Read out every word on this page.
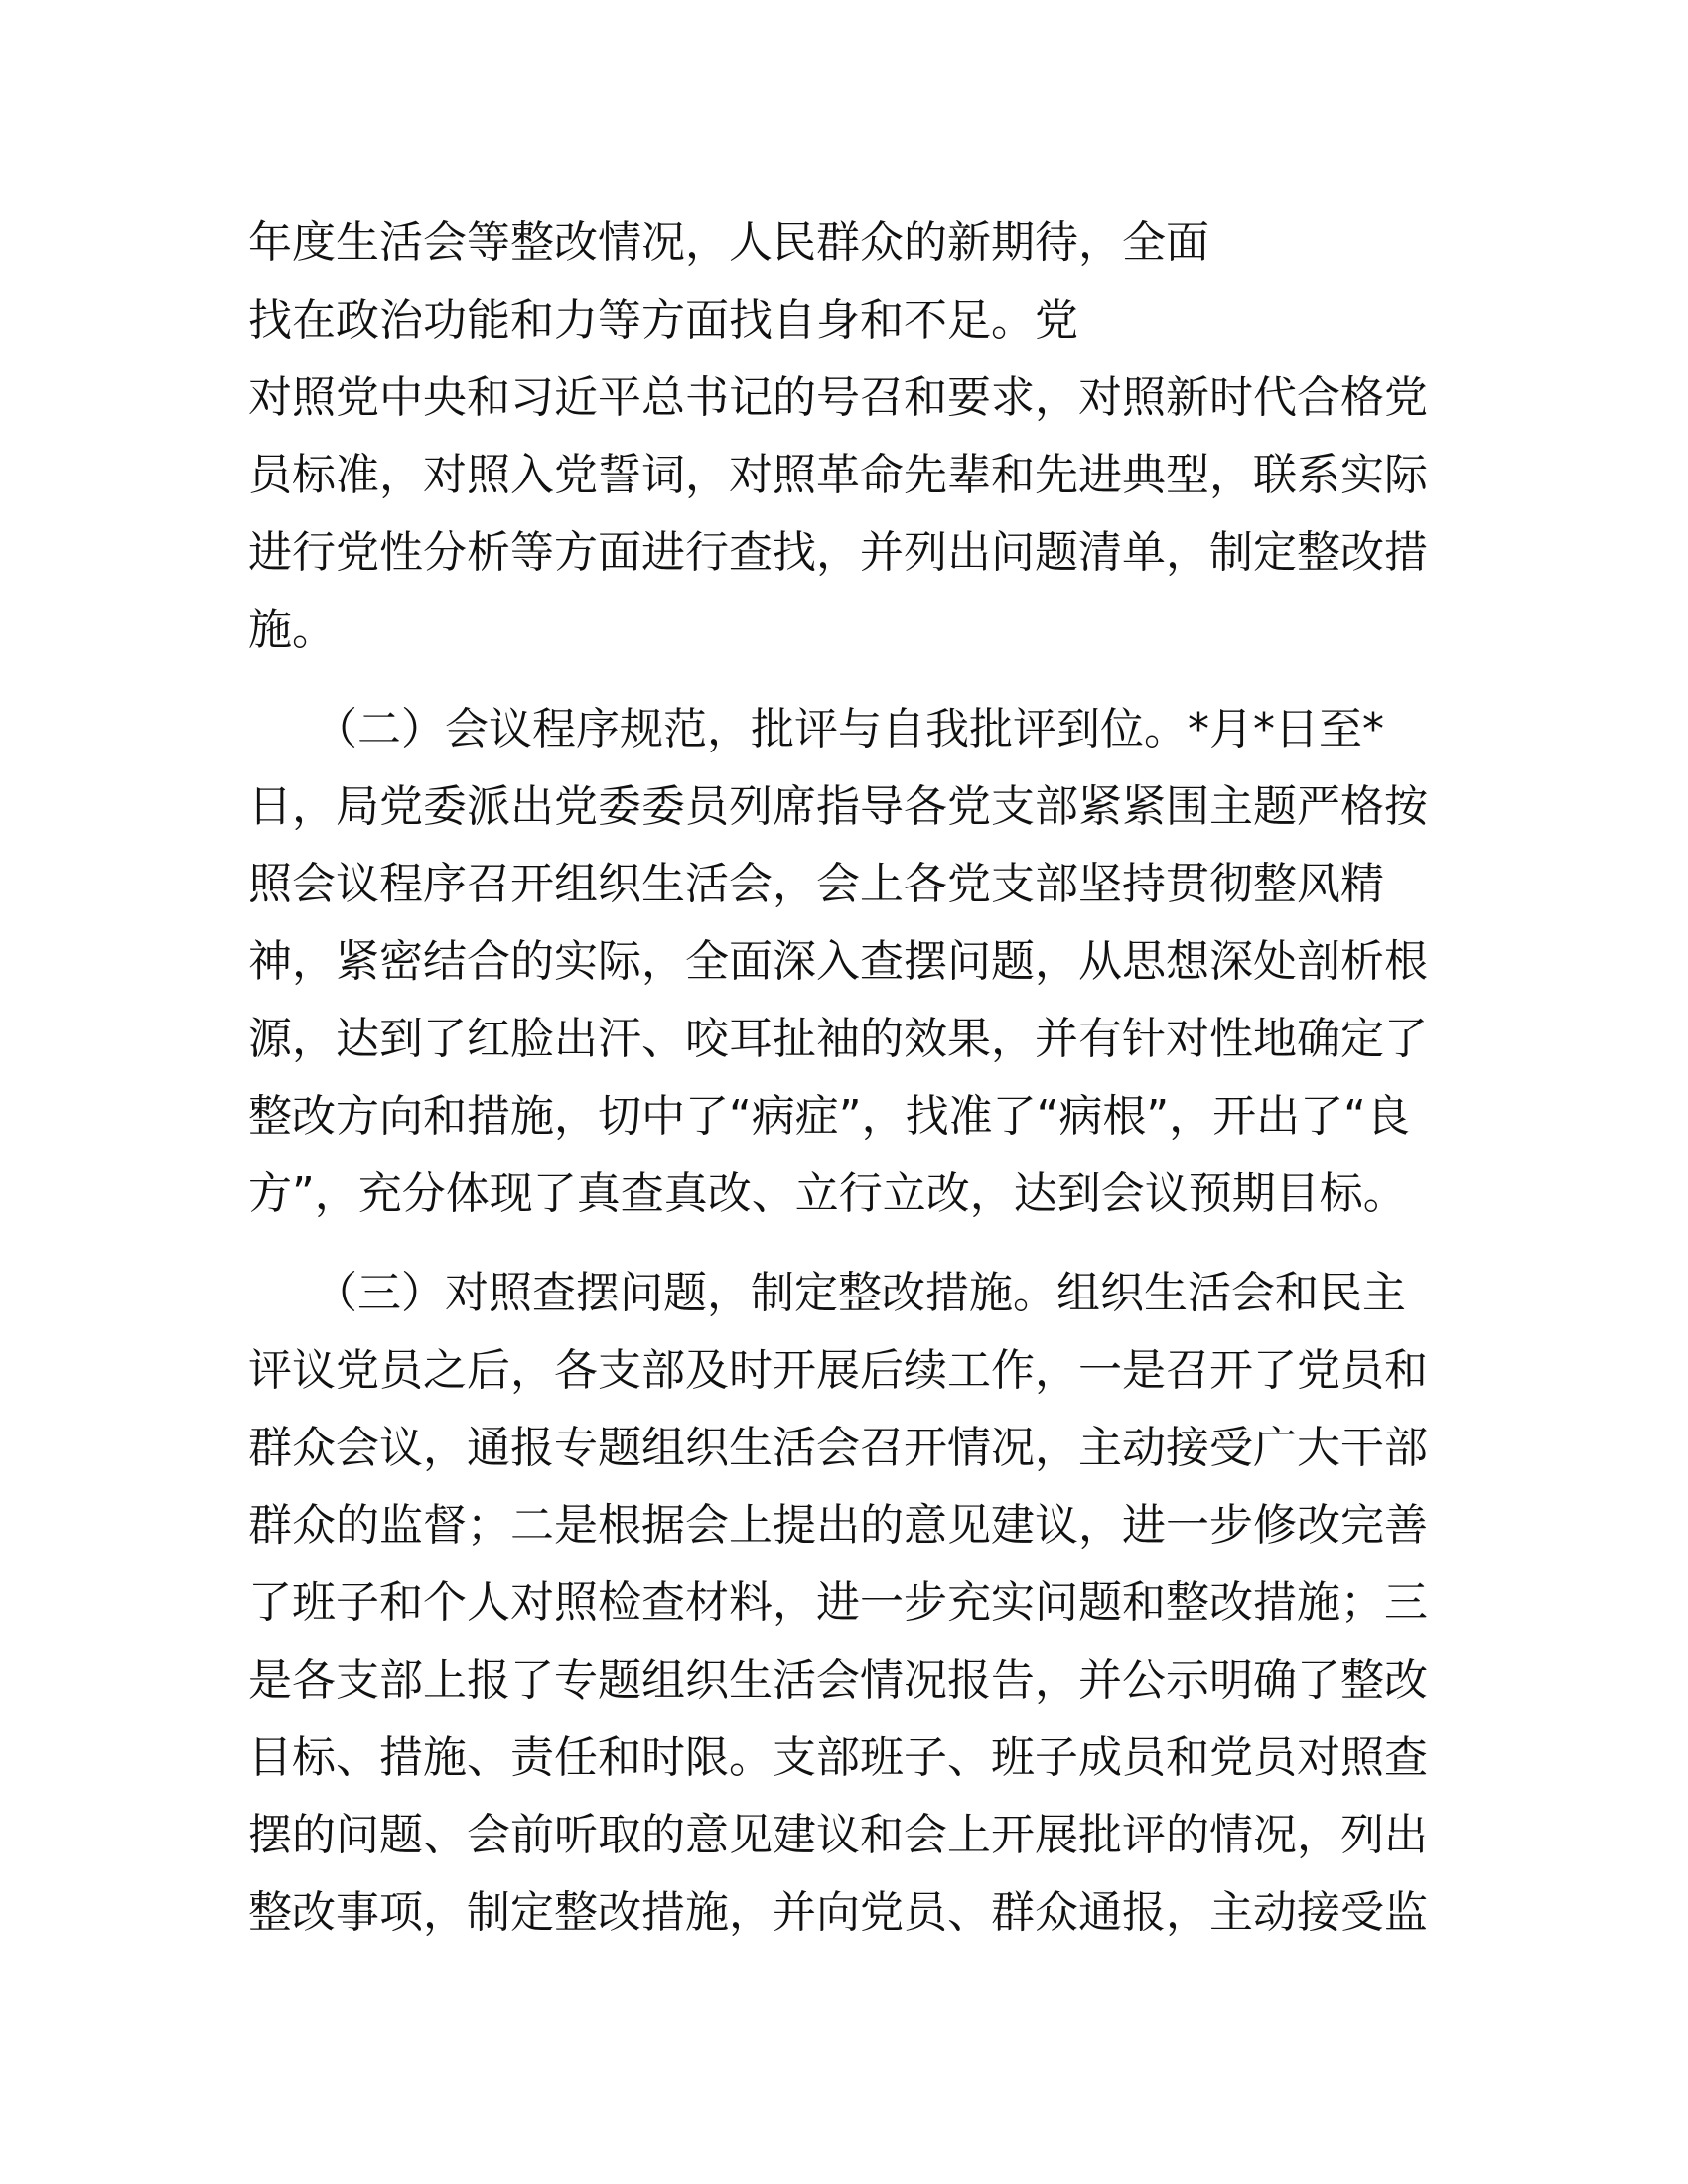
年度生活会等整改情况，人民群众的新期待，全面
找在政治功能和力等方面找自身和不足。党
对照党中央和习近平总书记的号召和要求，对照新时代合格党
员标准，对照入党誓词，对照革命先辈和先进典型，联系实际
进行党性分析等方面进行查找，并列出问题清单，制定整改措
施。
　　（二）会议程序规范，批评与自我批评到位。*月*日至*
日，局党委派出党委委员列席指导各党支部紧紧围主题严格按
照会议程序召开组织生活会，会上各党支部坚持贯彻整风精
神，紧密结合的实际，全面深入查摆问题，从思想深处剖析根
源，达到了红脸出汗、咬耳扯袖的效果，并有针对性地确定了
整改方向和措施，切中了“病症”，找准了“病根”，开出了“良
方”，充分体现了真查真改、立行立改，达到会议预期目标。
　　（三）对照查摆问题，制定整改措施。组织生活会和民主
评议党员之后，各支部及时开展后续工作，一是召开了党员和
群众会议，通报专题组织生活会召开情况，主动接受广大干部
群众的监督；二是根据会上提出的意见建议，进一步修改完善
了班子和个人对照检查材料，进一步充实问题和整改措施；三
是各支部上报了专题组织生活会情况报告，并公示明确了整改
目标、措施、责任和时限。支部班子、班子成员和党员对照查
摆的问题、会前听取的意见建议和会上开展批评的情况，列出
整改事项，制定整改措施，并向党员、群众通报，主动接受监
